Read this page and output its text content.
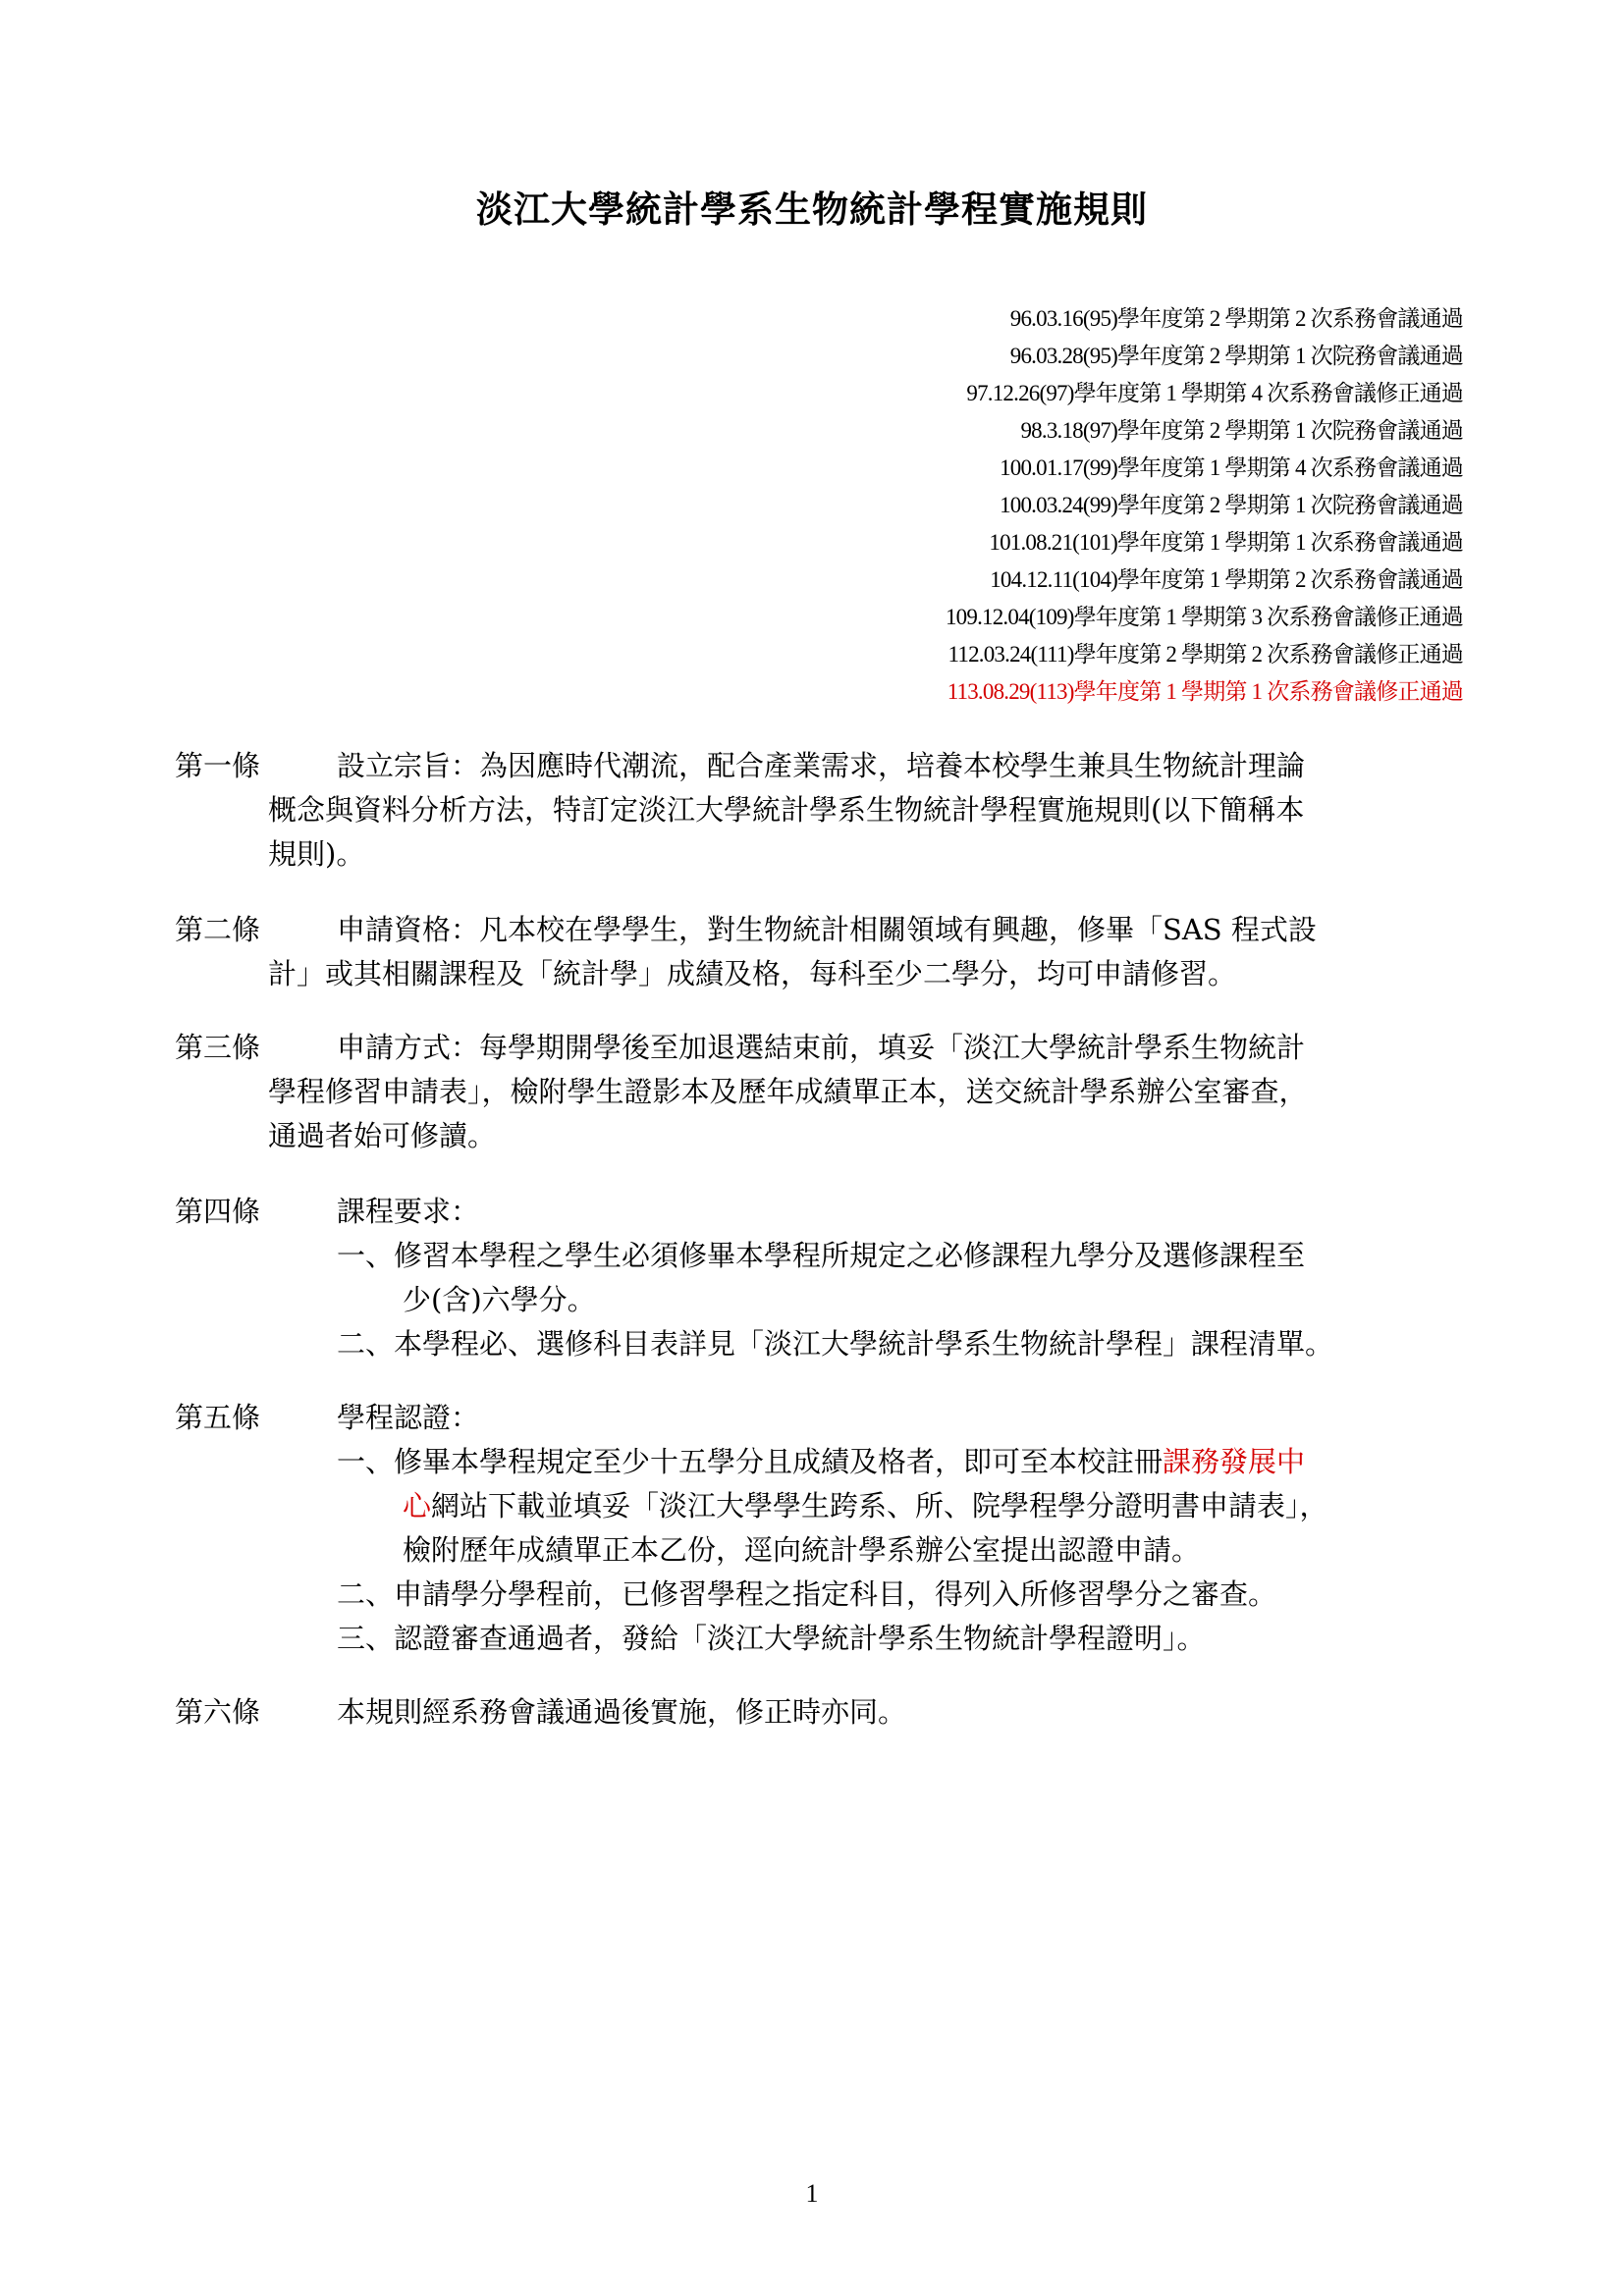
淡江大學統計學系生物統計學程實施規則
96.03.16(95)學年度第 2 學期第 2 次系務會議通過
96.03.28(95)學年度第 2 學期第 1 次院務會議通過
97.12.26(97)學年度第 1 學期第 4 次系務會議修正通過
98.3.18(97)學年度第 2 學期第 1 次院務會議通過
100.01.17(99)學年度第 1 學期第 4 次系務會議通過
100.03.24(99)學年度第 2 學期第 1 次院務會議通過
101.08.21(101)學年度第 1 學期第 1 次系務會議通過
104.12.11(104)學年度第 1 學期第 2 次系務會議通過
109.12.04(109)學年度第 1 學期第 3 次系務會議修正通過
112.03.24(111)學年度第 2 學期第 2 次系務會議修正通過
113.08.29(113)學年度第 1 學期第 1 次系務會議修正通過
第一條	設立宗旨：為因應時代潮流，配合產業需求，培養本校學生兼具生物統計理論
概念與資料分析方法，特訂定淡江大學統計學系生物統計學程實施規則(以下簡稱本
規則)。
第二條	申請資格：凡本校在學學生，對生物統計相關領域有興趣，修畢「SAS 程式設
計」或其相關課程及「統計學」成績及格，每科至少二學分，均可申請修習。
第三條	申請方式：每學期開學後至加退選結束前，填妥「淡江大學統計學系生物統計
學程修習申請表」，檢附學生證影本及歷年成績單正本，送交統計學系辦公室審查，
通過者始可修讀。
第四條	課程要求：
一、修習本學程之學生必須修畢本學程所規定之必修課程九學分及選修課程至
少(含)六學分。
二、本學程必、選修科目表詳見「淡江大學統計學系生物統計學程」課程清單。
第五條	學程認證：
一、修畢本學程規定至少十五學分且成績及格者，即可至本校註冊課務發展中
心網站下載並填妥「淡江大學學生跨系、所、院學程學分證明書申請表」，
檢附歷年成績單正本乙份，逕向統計學系辦公室提出認證申請。
二、申請學分學程前，已修習學程之指定科目，得列入所修習學分之審查。
三、認證審查通過者，發給「淡江大學統計學系生物統計學程證明」。
第六條	本規則經系務會議通過後實施，修正時亦同。
1
